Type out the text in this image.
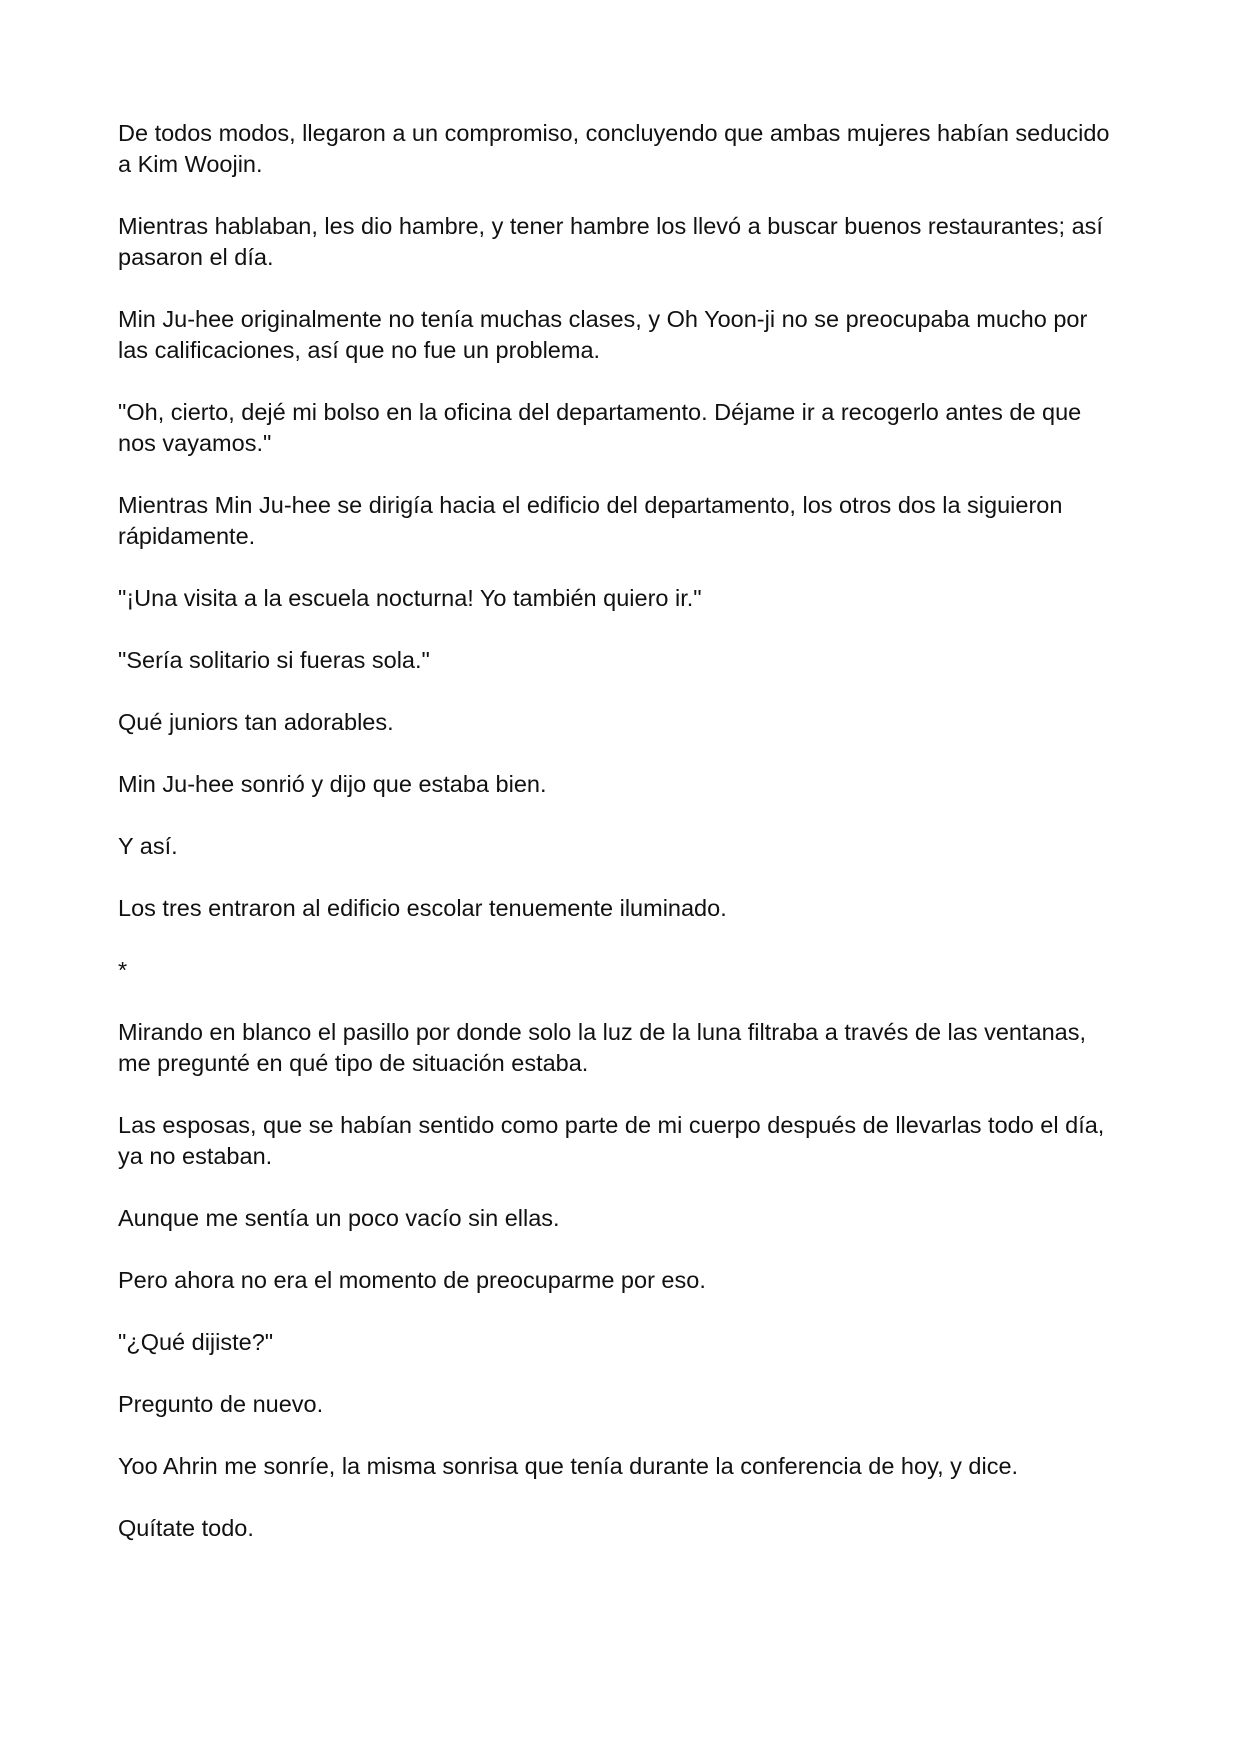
De todos modos, llegaron a un compromiso, concluyendo que ambas mujeres habían seducido a Kim Woojin.

Mientras hablaban, les dio hambre, y tener hambre los llevó a buscar buenos restaurantes; así pasaron el día.

Min Ju-hee originalmente no tenía muchas clases, y Oh Yoon-ji no se preocupaba mucho por las calificaciones, así que no fue un problema.

"Oh, cierto, dejé mi bolso en la oficina del departamento. Déjame ir a recogerlo antes de que nos vayamos."

Mientras Min Ju-hee se dirigía hacia el edificio del departamento, los otros dos la siguieron rápidamente.

"¡Una visita a la escuela nocturna! Yo también quiero ir."

"Sería solitario si fueras sola."

Qué juniors tan adorables.

Min Ju-hee sonrió y dijo que estaba bien.

Y así.

Los tres entraron al edificio escolar tenuemente iluminado.

*

Mirando en blanco el pasillo por donde solo la luz de la luna filtraba a través de las ventanas, me pregunté en qué tipo de situación estaba.

Las esposas, que se habían sentido como parte de mi cuerpo después de llevarlas todo el día, ya no estaban.

Aunque me sentía un poco vacío sin ellas.

Pero ahora no era el momento de preocuparme por eso.

"¿Qué dijiste?"

Pregunto de nuevo.

Yoo Ahrin me sonríe, la misma sonrisa que tenía durante la conferencia de hoy, y dice.

Quítate todo.
